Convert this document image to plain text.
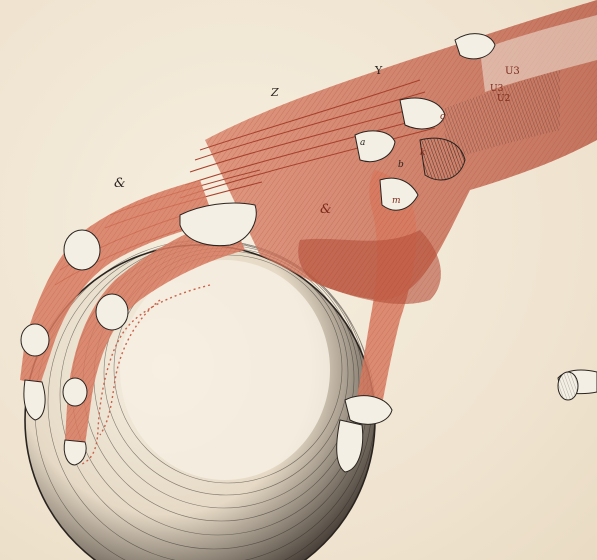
&
Z
Y
&
U3
U3
U2
a
k
b
o
m
